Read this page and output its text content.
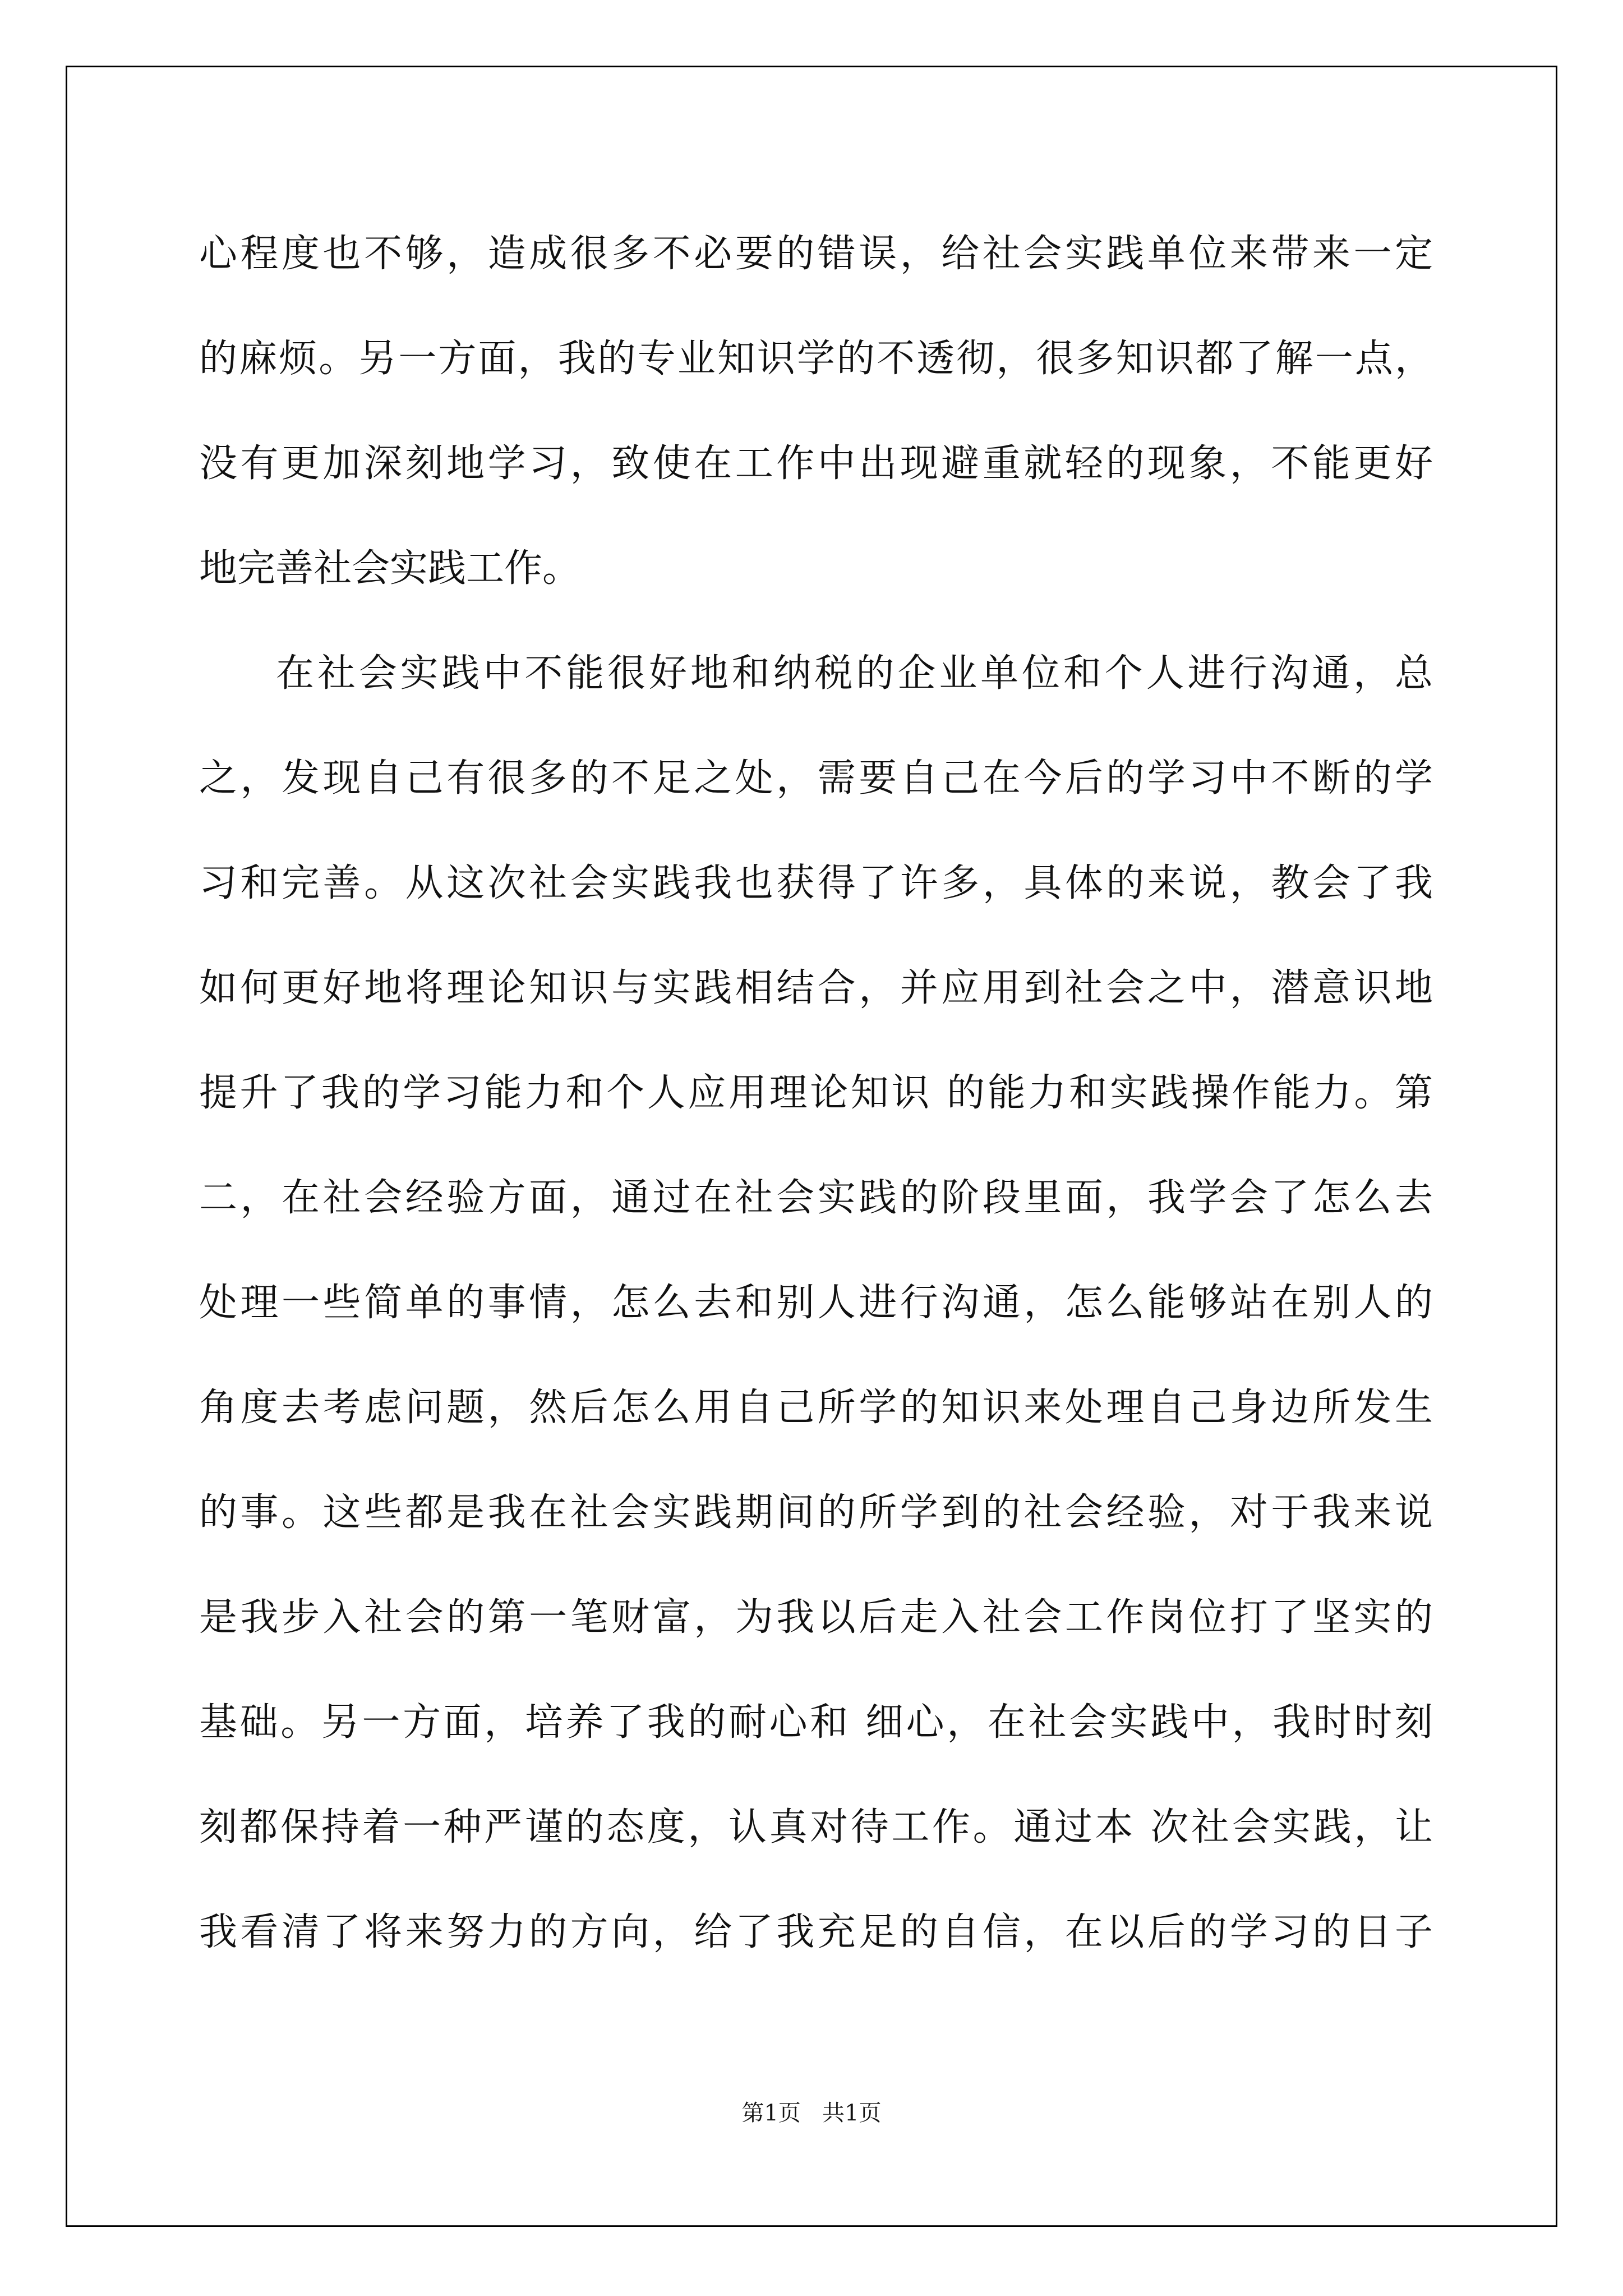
心程度也不够，造成很多不必要的错误，给社会实践单位来带来一定
的麻烦。另一方面，我的专业知识学的不透彻，很多知识都了解一点，
没有更加深刻地学习，致使在工作中出现避重就轻的现象，不能更好
地完善社会实践工作。
在社会实践中不能很好地和纳税的企业单位和个人进行沟通，总
之，发现自己有很多的不足之处，需要自己在今后的学习中不断的学
习和完善。从这次社会实践我也获得了许多，具体的来说，教会了我
如何更好地将理论知识与实践相结合，并应用到社会之中，潜意识地
提升了我的学习能力和个人应用理论知识 的能力和实践操作能力。第
二，在社会经验方面，通过在社会实践的阶段里面，我学会了怎么去
处理一些简单的事情，怎么去和别人进行沟通，怎么能够站在别人的
角度去考虑问题，然后怎么用自己所学的知识来处理自己身边所发生
的事。这些都是我在社会实践期间的所学到的社会经验，对于我来说
是我步入社会的第一笔财富，为我以后走入社会工作岗位打了坚实的
基础。另一方面，培养了我的耐心和 细心，在社会实践中，我时时刻
刻都保持着一种严谨的态度，认真对待工作。通过本 次社会实践，让
我看清了将来努力的方向，给了我充足的自信，在以后的学习的日子
第1页   共1页
